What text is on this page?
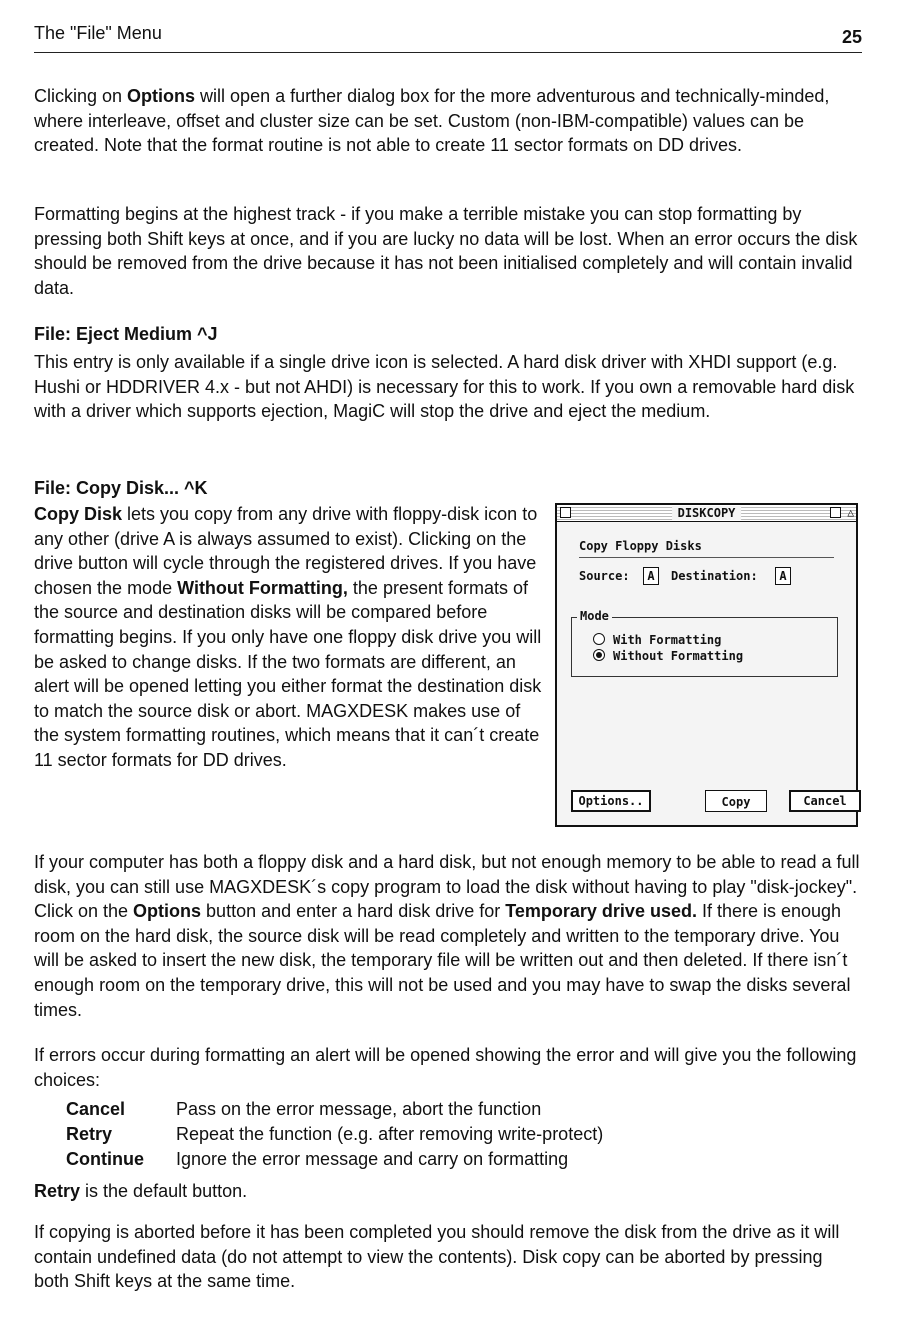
The "File" Menu	25

Clicking on Options will open a further dialog box for the more adventurous and technically-minded, where interleave, offset and cluster size can be set. Custom (non-IBM-compatible) values can be created. Note that the format routine is not able to create 11 sector formats on DD drives.

Formatting begins at the highest track - if you make a terrible mistake you can stop formatting by pressing both Shift keys at once, and if you are lucky no data will be lost. When an error occurs the disk should be removed from the drive because it has not been initialised completely and will contain invalid data.

File: Eject Medium ^J

This entry is only available if a single drive icon is selected. A hard disk driver with XHDI support (e.g. Hushi or HDDRIVER 4.x - but not AHDI) is necessary for this to work. If you own a removable hard disk with a driver which supports ejection, MagiC will stop the drive and eject the medium.

File: Copy Disk... ^K

Copy Disk lets you copy from any drive with floppy-disk icon to any other (drive A is always assumed to exist). Clicking on the drive button will cycle through the registered drives. If you have chosen the mode Without Formatting, the present formats of the source and destination disks will be compared before formatting begins. If you only have one floppy disk drive you will be asked to change disks. If the two formats are different, an alert will be opened letting you either format the destination disk to match the source disk or abort. MAGXDESK makes use of the system formatting routines, which means that it can´t create 11 sector formats for DD drives.

DISKCOPY	△
Copy Floppy Disks
Source:	A	Destination:	A
Mode
With Formatting
Without Formatting
Options..	Copy	Cancel

If your computer has both a floppy disk and a hard disk, but not enough memory to be able to read a full disk, you can still use MAGXDESK´s copy program to load the disk without having to play "disk-jockey". Click on the Options button and enter a hard disk drive for Temporary drive used. If there is enough room on the hard disk, the source disk will be read completely and written to the temporary drive. You will be asked to insert the new disk, the temporary file will be written out and then deleted. If there isn´t enough room on the temporary drive, this will not be used and you may have to swap the disks several times.

If errors occur during formatting an alert will be opened showing the error and will give you the following choices:

Cancel	Pass on the error message, abort the function
Retry	Repeat the function (e.g. after removing write-protect)
Continue Ignore the error message and carry on formatting

Retry is the default button.

If copying is aborted before it has been completed you should remove the disk from the drive as it will contain undefined data (do not attempt to view the contents). Disk copy can be aborted by pressing both Shift keys at the same time.
